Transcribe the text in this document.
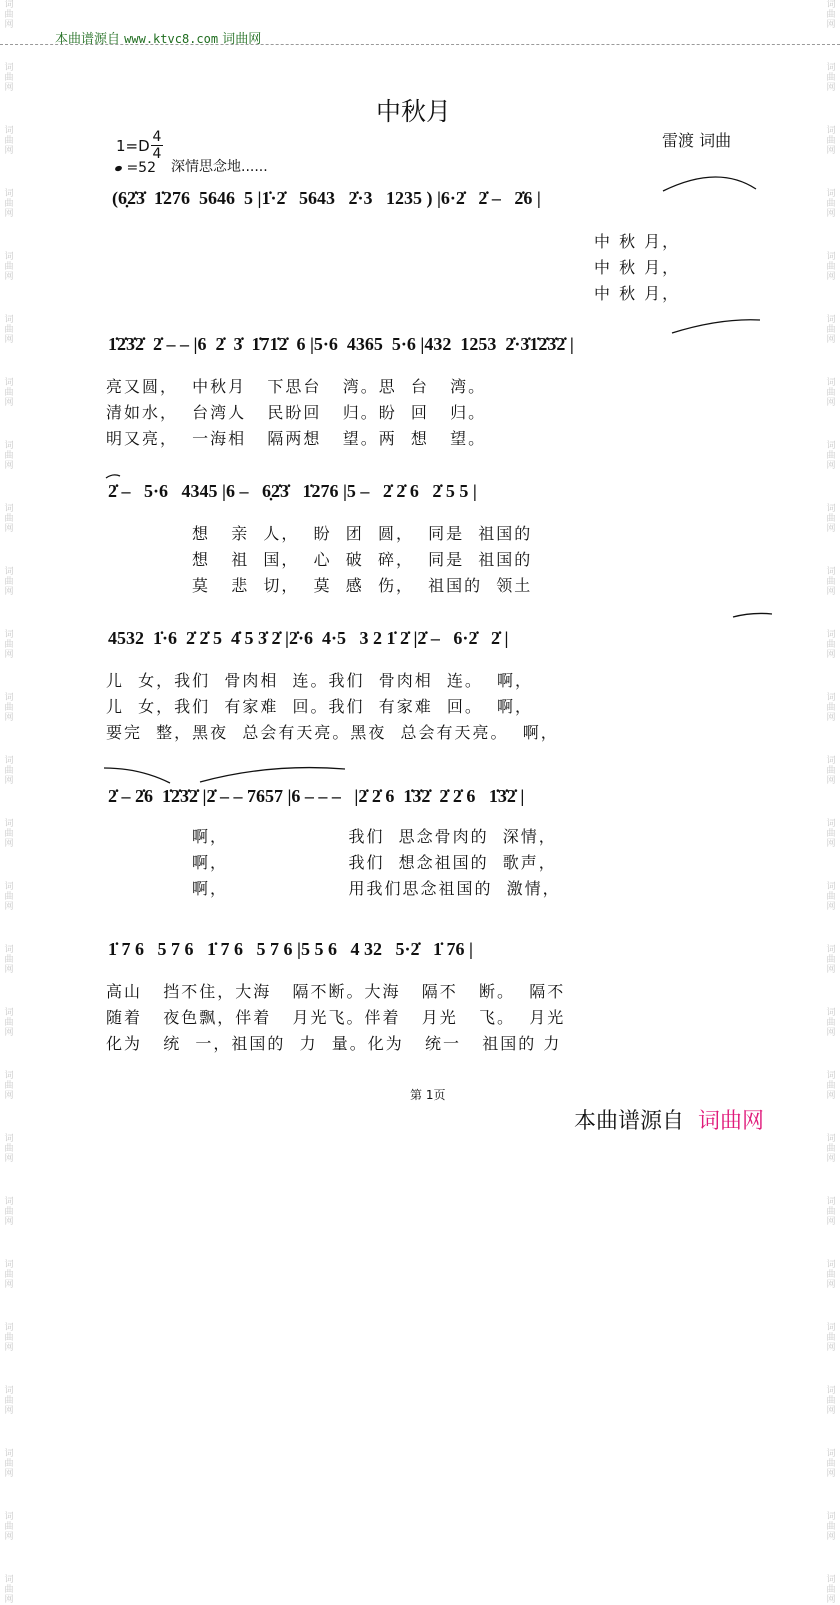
词曲网
词曲网
词曲网
词曲网
词曲网
词曲网
词曲网
词曲网
词曲网
词曲网
词曲网
词曲网
词曲网
词曲网
词曲网
词曲网
词曲网
词曲网
词曲网
词曲网
词曲网
词曲网
词曲网
词曲网
词曲网
词曲网
词曲网
词曲网
词曲网
词曲网
词曲网
词曲网
词曲网
词曲网
词曲网
词曲网
词曲网
词曲网
词曲网
词曲网
词曲网
词曲网
词曲网
词曲网
词曲网
词曲网
词曲网
词曲网
词曲网
词曲网
词曲网
词曲网
本曲谱源自 www.ktvc8.com 词曲网
中秋月
雷渡 词曲
1=D 4
4
=52 深情思念地......
(6̣2̇3̇  1̇276  5646  5 |1̇·2̇   5643   2̇·3   1235 ) |6·2̇   2̇ –   2̇6 |
中 秋 月，
中 秋 月，
中 秋 月，
1̇2̇3̇2̇  2̇ – – |6  2̇  3̇  1̇71̇2̇  6 |5·6  4365  5·6 |432  1253  2̇·3̇1̇2̇3̇2̇ |
亮又圆，  中秋月   下思台   湾。思  台   湾。
清如水，  台湾人   民盼回   归。盼  回   归。
明又亮，  一海相   隔两想   望。两  想   望。
2̇ –   5·6   4345 |6 –   6̣2̇3̇   1̇276 |5 –   2̇ 2̇ 6   2̇ 5 5 |
想   亲  人，  盼  团  圆，  同是  祖国的
想   祖  国，  心  破  碎，  同是  祖国的
莫   悲  切，  莫  感  伤，  祖国的  领土
4532  1̇·6  2̇ 2̇ 5  4̇ 5 3̇ 2̇ |2̇·6  4·5   3 2 1̇ 2̇ |2̇ –   6·2̇   2̇ |
儿  女，我们  骨肉相  连。我们  骨肉相  连。  啊，
儿  女，我们  有家难  回。我们  有家难  回。  啊，
要完  整，黑夜  总会有天亮。黑夜  总会有天亮。  啊，
2̇ – 2̇6  1̇2̇3̇2̇ |2̇ – – 7657 |6 – – –   |2̇ 2̇ 6  1̇3̇2̇  2̇ 2̇ 6   1̇3̇2̇ |
啊，                 我们  思念骨肉的  深情，
啊，                 我们  想念祖国的  歌声，
啊，                 用我们思念祖国的  激情，
1̇ 7 6   5 7 6   1̇ 7 6   5 7 6 |5 5 6   4 32   5·2̇   1̇ 76 |
高山   挡不住，大海   隔不断。大海   隔不   断。  隔不
随着   夜色飘，伴着   月光飞。伴着   月光   飞。  月光
化为   统  一，祖国的  力  量。化为   统一   祖国的 力
第 1页
本曲谱源自 词曲网
